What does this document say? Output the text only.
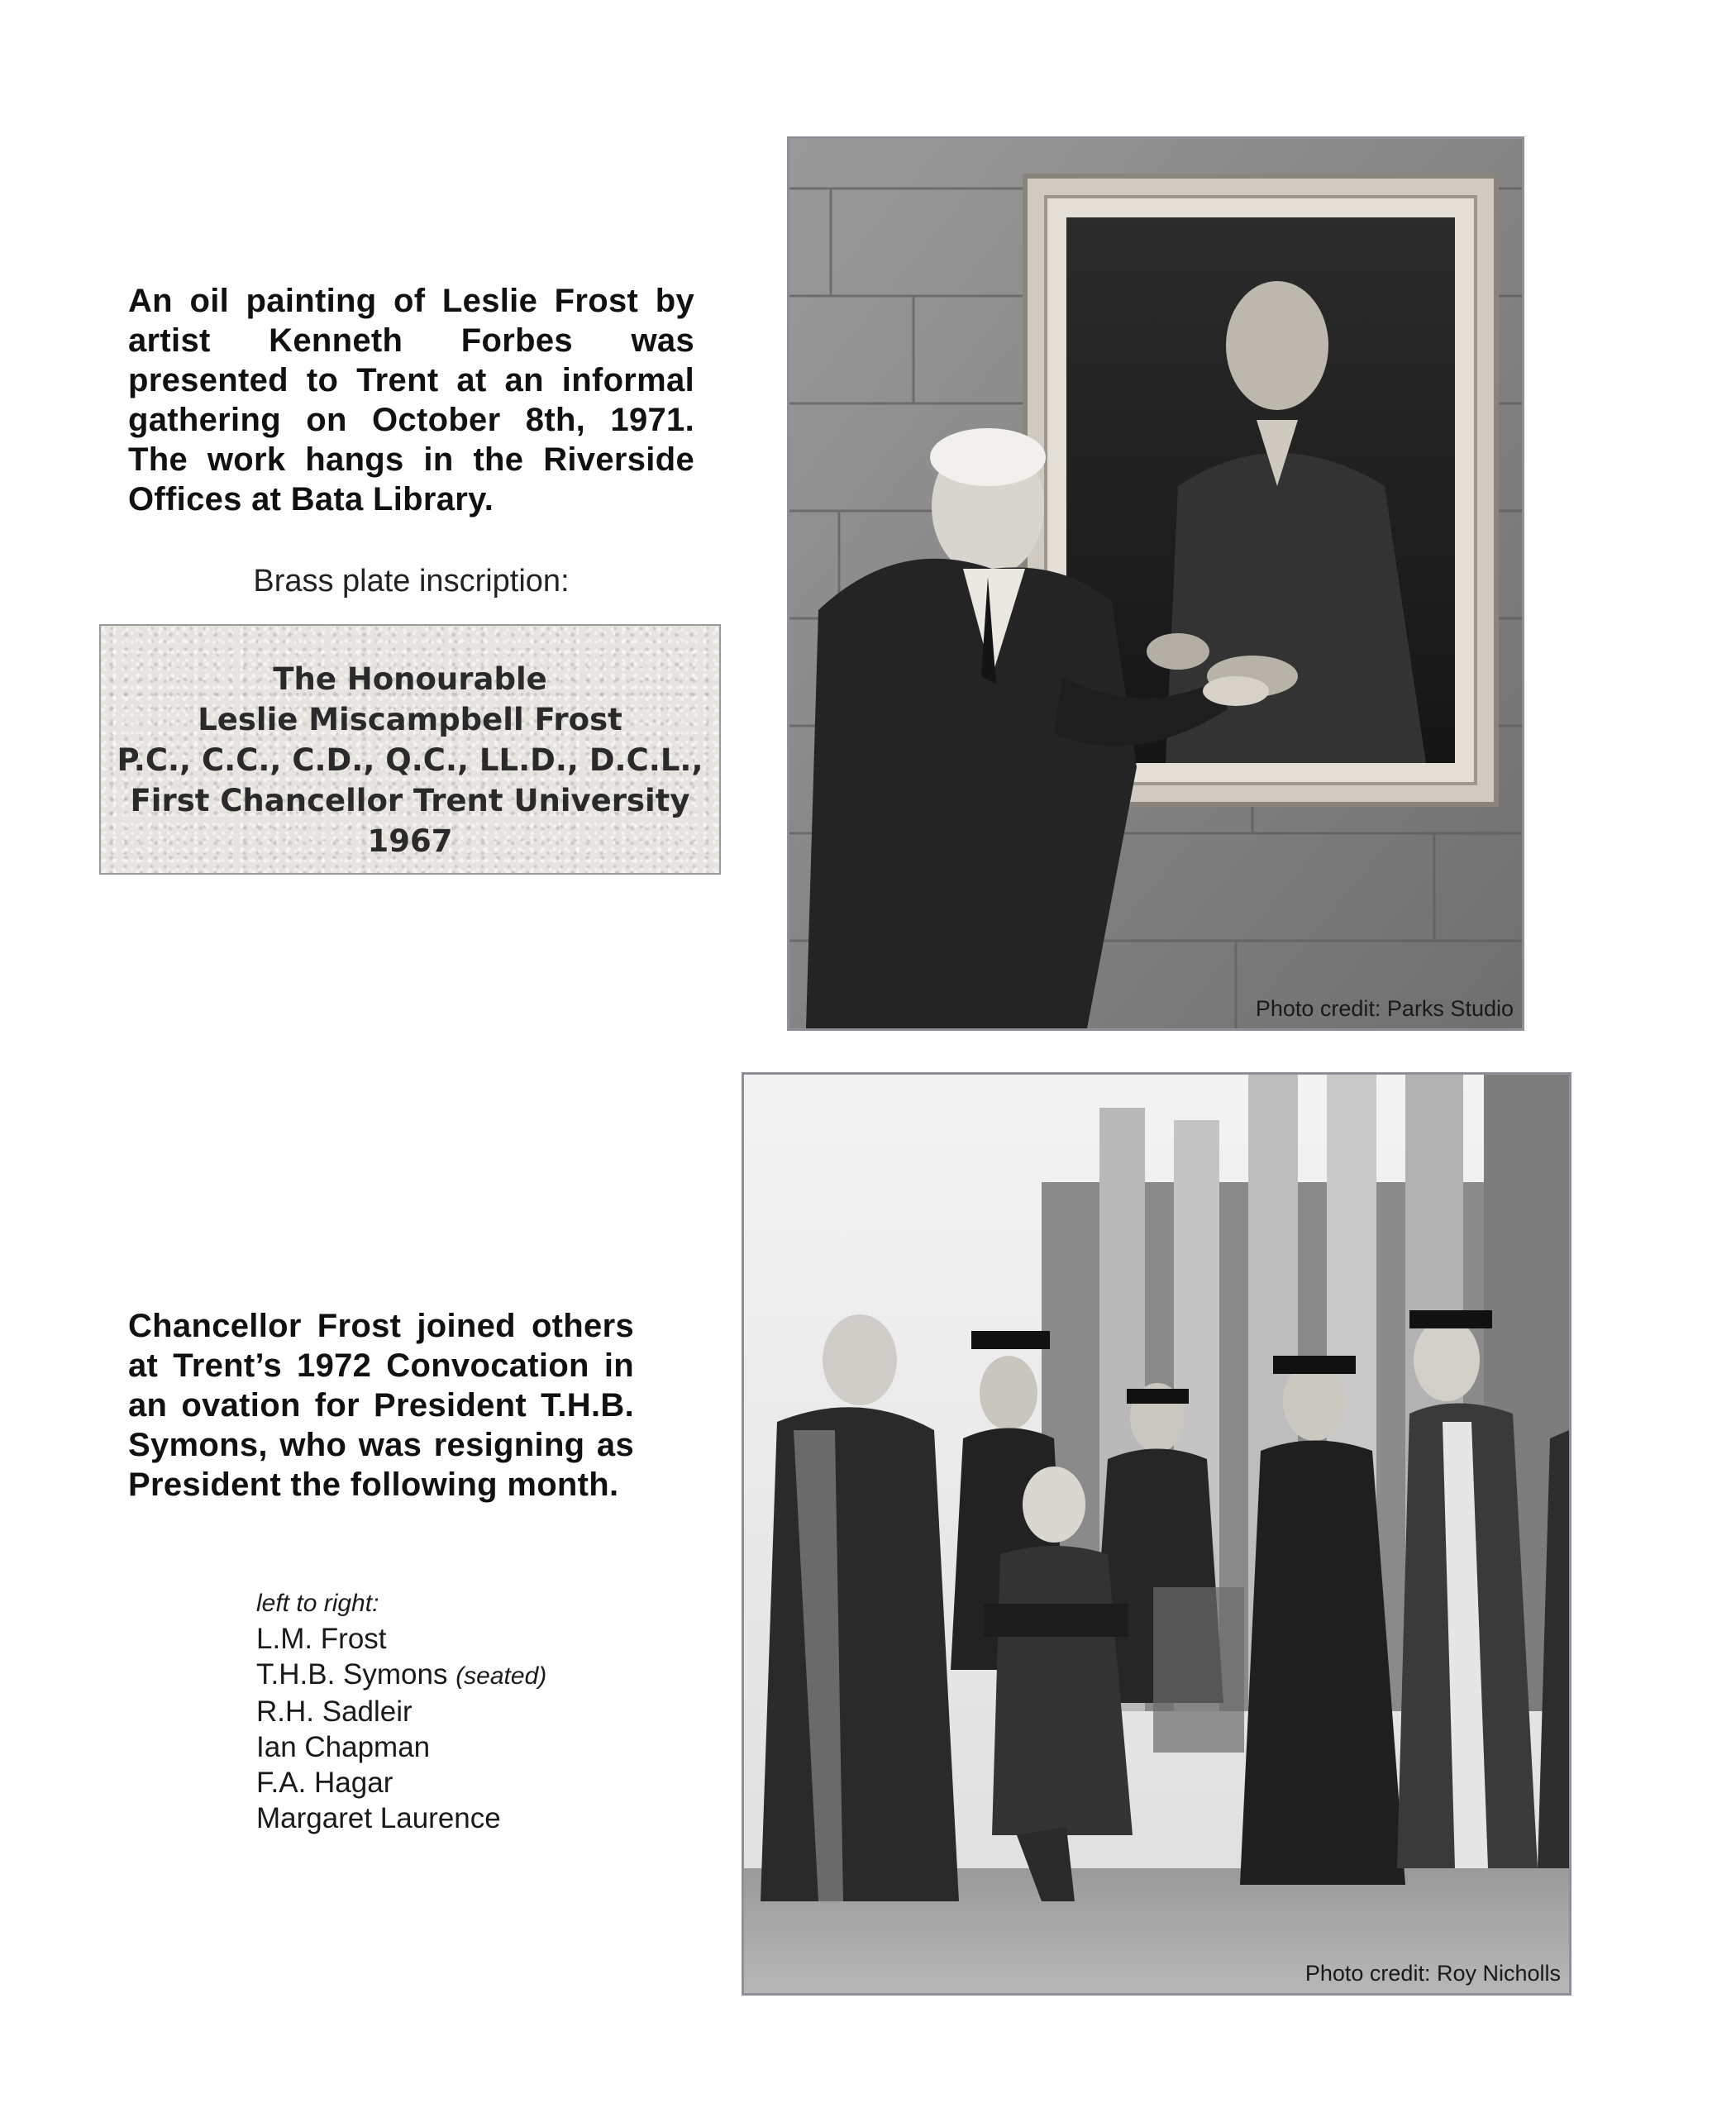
An oil painting of Leslie Frost by artist Kenneth Forbes was presented to Trent at an informal gathering on October 8th, 1971. The work hangs in the Riverside Offices at Bata Library.
Brass plate inscription:
The Honourable
Leslie Miscampbell Frost
P.C., C.C., C.D., Q.C., LL.D., D.C.L.,
First Chancellor Trent University
1967
Photo credit: Parks Studio
Photo credit: Roy Nicholls
Chancellor Frost joined others at Trent’s 1972 Convocation in an ovation for President T.H.B. Symons, who was resigning as President the following month.
left to right:
L.M. Frost
T.H.B. Symons (seated)
R.H. Sadleir
Ian Chapman
F.A. Hagar
Margaret Laurence
